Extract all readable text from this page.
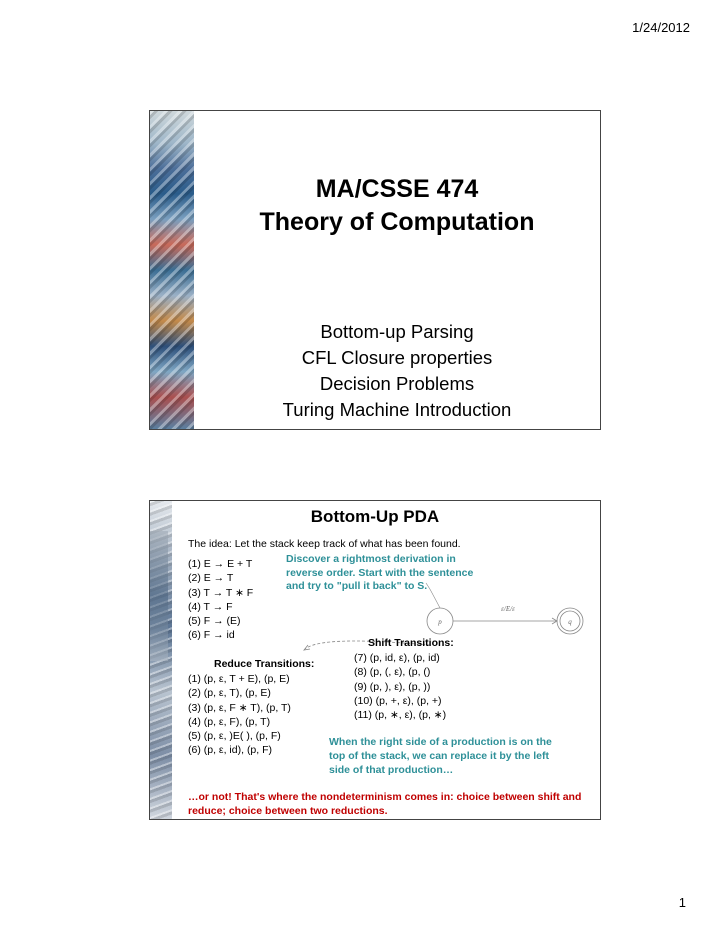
1/24/2012
MA/CSSE 474
Theory of Computation
Bottom-up Parsing
CFL Closure properties
Decision Problems
Turing Machine Introduction
Bottom-Up PDA
The idea: Let the stack keep track of what has been found.
(1) E → E + T
(2) E → T
(3) T → T ∗ F
(4) T → F
(5) F → (E)
(6) F → id
Discover a rightmost derivation in reverse order. Start with the sentence and try to "pull it back" to S.
p	q
ε/E/ε
Shift Transitions:
(7) (p, id, ε), (p, id)
(8) (p, (, ε), (p, ()
(9) (p, ), ε), (p, ))
(10) (p, +, ε), (p, +)
(11) (p, ∗, ε), (p, ∗)
Reduce Transitions:
(1) (p, ε, T + E), (p, E)
(2) (p, ε, T), (p, E)
(3) (p, ε, F ∗ T), (p, T)
(4) (p, ε, F), (p, T)
(5) (p, ε, )E( ), (p, F)
(6) (p, ε, id), (p, F)
When the right side of a production is on the top of the stack, we can replace it by the left side of that production…
…or not! That's where the nondeterminism comes in: choice between shift and reduce; choice between two reductions.
1
